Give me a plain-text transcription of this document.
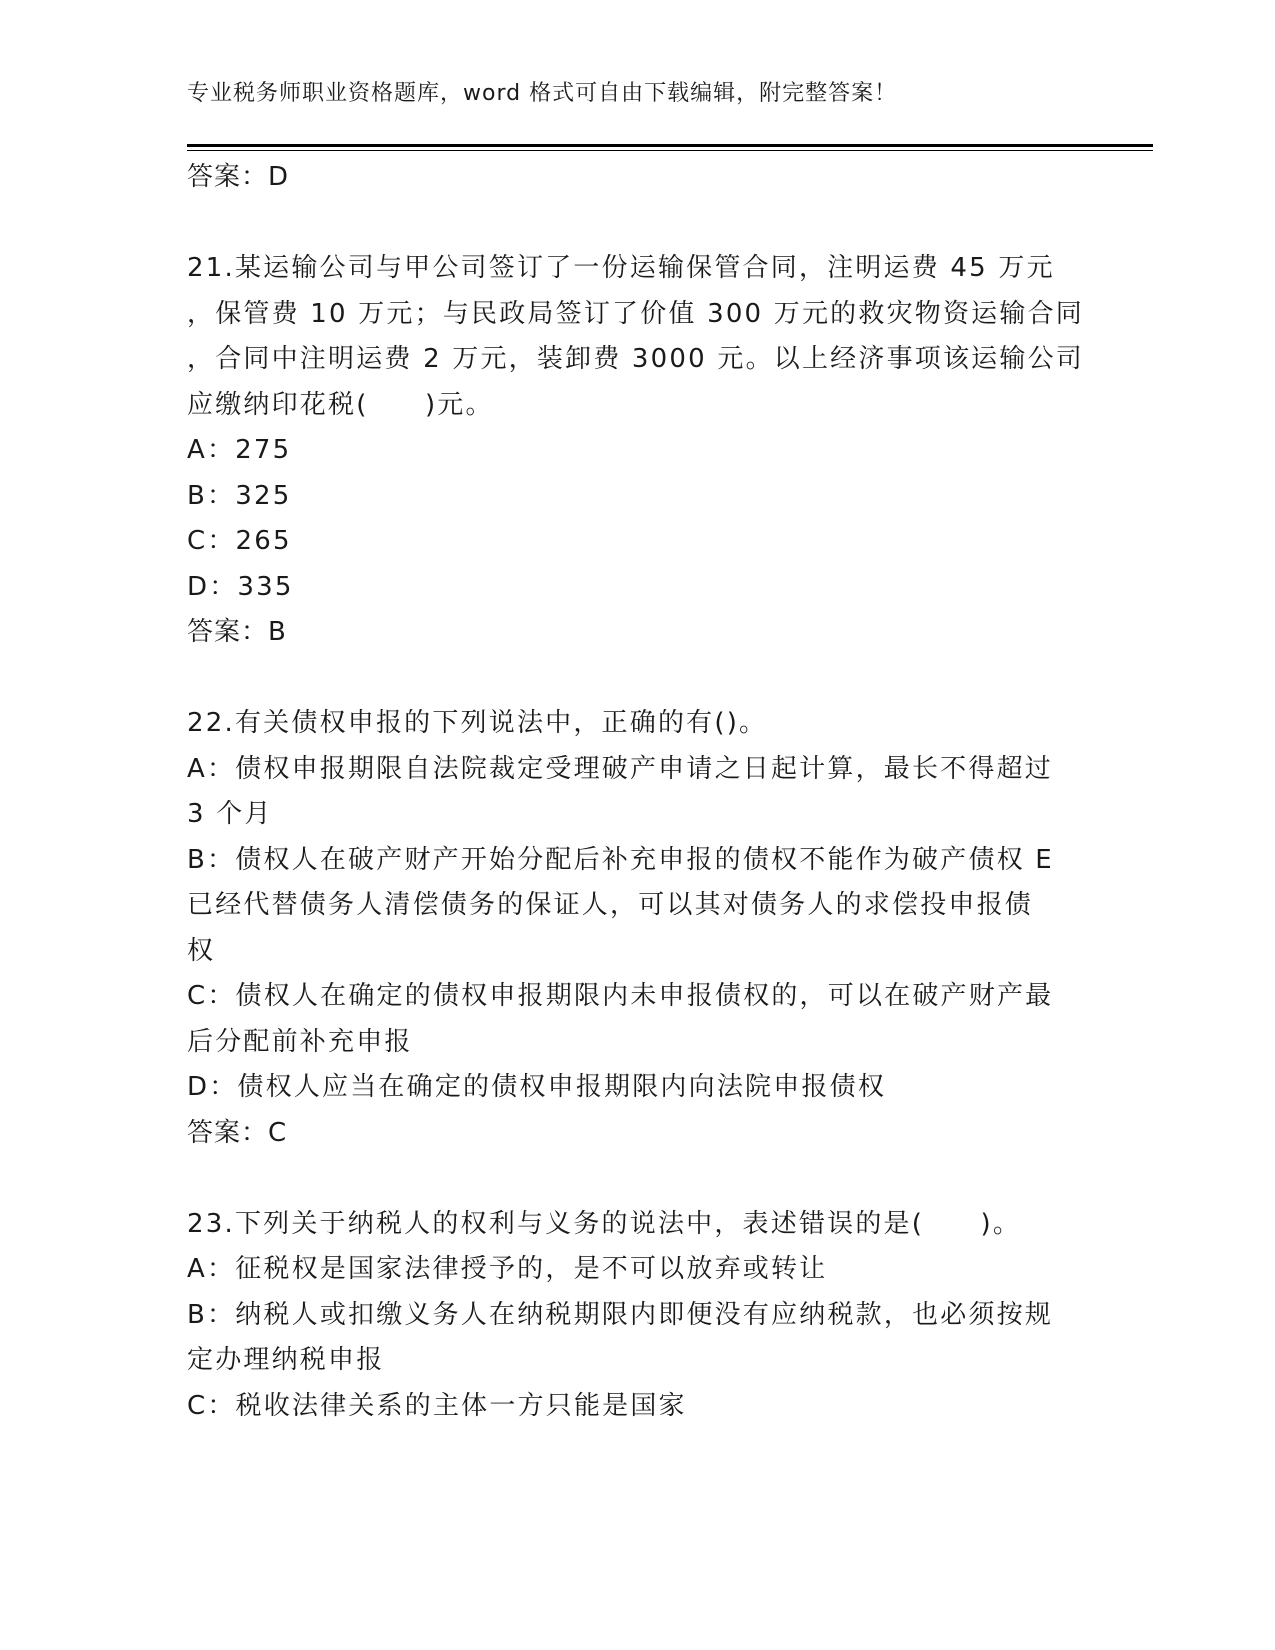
专业税务师职业资格题库，word 格式可自由下载编辑，附完整答案！
答案：D
21.某运输公司与甲公司签订了一份运输保管合同，注明运费 45 万元
，保管费 10 万元；与民政局签订了价值 300 万元的救灾物资运输合同
，合同中注明运费 2 万元，装卸费 3000 元。以上经济事项该运输公司
应缴纳印花税(　　)元。
A：275
B：325
C：265
D：335
答案：B
22.有关债权申报的下列说法中，正确的有()。
A：债权申报期限自法院裁定受理破产申请之日起计算，最长不得超过
3 个月
B：债权人在破产财产开始分配后补充申报的债权不能作为破产债权 E
已经代替债务人清偿债务的保证人，可以其对债务人的求偿投申报债
权
C：债权人在确定的债权申报期限内未申报债权的，可以在破产财产最
后分配前补充申报
D：债权人应当在确定的债权申报期限内向法院申报债权
答案：C
23.下列关于纳税人的权利与义务的说法中，表述错误的是(　　)。
A：征税权是国家法律授予的，是不可以放弃或转让
B：纳税人或扣缴义务人在纳税期限内即便没有应纳税款，也必须按规
定办理纳税申报
C：税收法律关系的主体一方只能是国家
